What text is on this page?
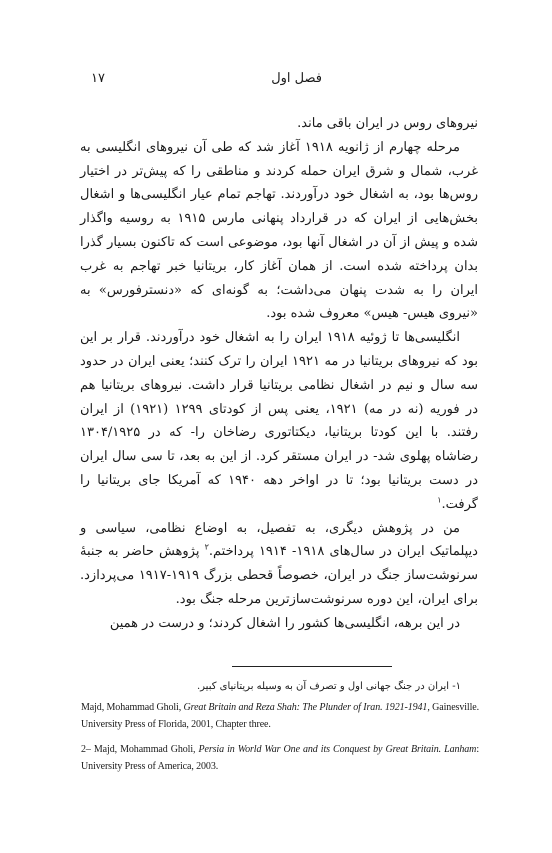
۱۷	فصل اول

نیروهای روس در ایران باقی ماند.

مرحله چهارم از ژانویه ۱۹۱۸ آغاز شد که طی آن نیروهای انگلیسی به غرب، شمال و شرق ایران حمله کردند و مناطقی را که پیش‌تر در اختیار روس‌ها بود، به اشغال خود درآوردند. تهاجم تمام عیار انگلیسی‌ها و اشغال بخش‌هایی از ایران که در قرارداد پنهانی مارس ۱۹۱۵ به روسیه واگذار شده و پیش از آن در اشغال آنها بود، موضوعی است که تاکنون بسیار گذرا بدان پرداخته شده است. از همان آغاز کار، بریتانیا خبر تهاجم به غرب ایران را به شدت پنهان می‌داشت؛ به گونه‌ای که «دنسترفورس» به «نیروی هیس- هیس» معروف شده بود.

انگلیسی‌ها تا ژوئیه ۱۹۱۸ ایران را به اشغال خود درآوردند. قرار بر این بود که نیروهای بریتانیا در مه ۱۹۲۱ ایران را ترک کنند؛ یعنی ایران در حدود سه سال و نیم در اشغال نظامی بریتانیا قرار داشت. نیروهای بریتانیا هم در فوریه (نه در مه) ۱۹۲۱، یعنی پس از کودتای ۱۲۹۹ (۱۹۲۱) از ایران رفتند. با این کودتا بریتانیا، دیکتاتوری رضاخان را- که در ۱۳۰۴/۱۹۲۵ رضاشاه پهلوی شد- در ایران مستقر کرد. از این به بعد، تا سی سال ایران در دست بریتانیا بود؛ تا در اواخر دهه ۱۹۴۰ که آمریکا جای بریتانیا را گرفت.$^۱$

من در پژوهش دیگری، به تفصیل، به اوضاع نظامی، سیاسی و دیپلماتیک ایران در سال‌های ۱۹۱۸- ۱۹۱۴ پرداختم.$^۲$ پژوهش حاضر به جنبهٔ سرنوشت‌ساز جنگ در ایران، خصوصاً قحطی بزرگ ۱۹۱۹-۱۹۱۷ می‌پردازد. برای ایران، این دوره سرنوشت‌سازترین مرحله جنگ بود.

در این برهه، انگلیسی‌ها کشور را اشغال کردند؛ و درست در همین

۱- ایران در جنگ جهانی اول و تصرف آن به وسیله بریتانیای کبیر.
Majd, Mohammad Gholi, Great Britain and Reza Shah: The Plunder of Iran. 1921-1941, Gainesville. University Press of Florida, 2001, Chapter three.
2– Majd, Mohammad Gholi, Persia in World War One and its Conquest by Great Britain. Lanham: University Press of America, 2003.
